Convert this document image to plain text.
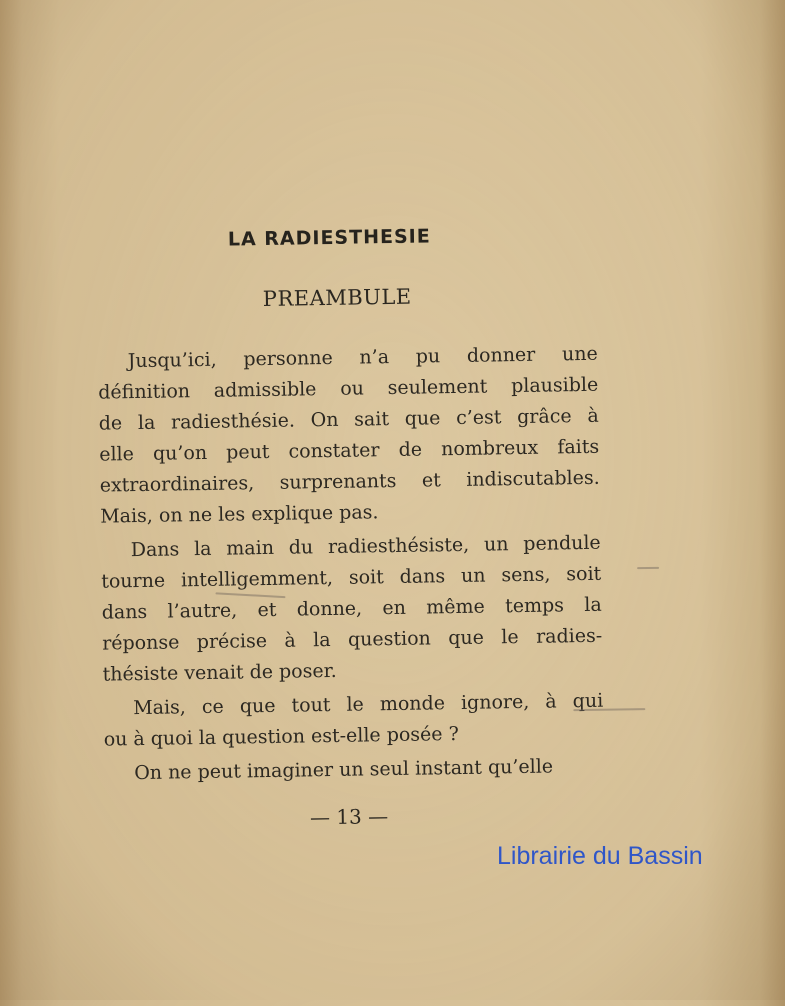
LA RADIESTHESIE
PREAMBULE
Jusqu’ici, personne n’a pu donner une
définition admissible ou seulement plausible
de la radiesthésie. On sait que c’est grâce à
elle qu’on peut constater de nombreux faits
extraordinaires, surprenants et indiscutables.
Mais, on ne les explique pas.
Dans la main du radiesthésiste, un pendule
tourne intelligemment, soit dans un sens, soit
dans l’autre, et donne, en même temps la
réponse précise à la question que le radies-
thésiste venait de poser.
Mais, ce que tout le monde ignore, à qui
ou à quoi la question est-elle posée ?
On ne peut imaginer un seul instant qu’elle
— 13 —
Librairie du Bassin
